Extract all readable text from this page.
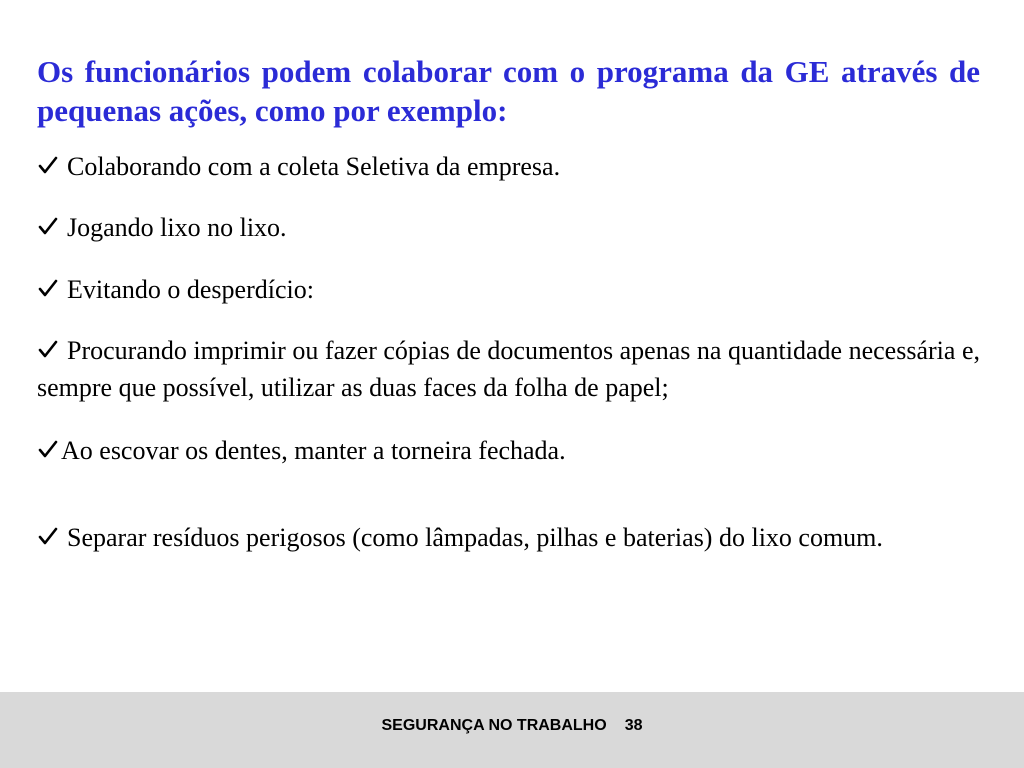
Os funcionários podem colaborar com o programa da GE através de pequenas ações, como por exemplo:
Colaborando com a coleta Seletiva da empresa.
Jogando lixo no lixo.
Evitando o desperdício:
Procurando imprimir ou fazer cópias de documentos apenas na quantidade necessária e, sempre que possível, utilizar as duas faces da folha de papel;
Ao escovar os dentes, manter a torneira fechada.
Separar resíduos perigosos (como lâmpadas, pilhas e baterias) do lixo comum.
SEGURANÇA NO TRABALHO 38
